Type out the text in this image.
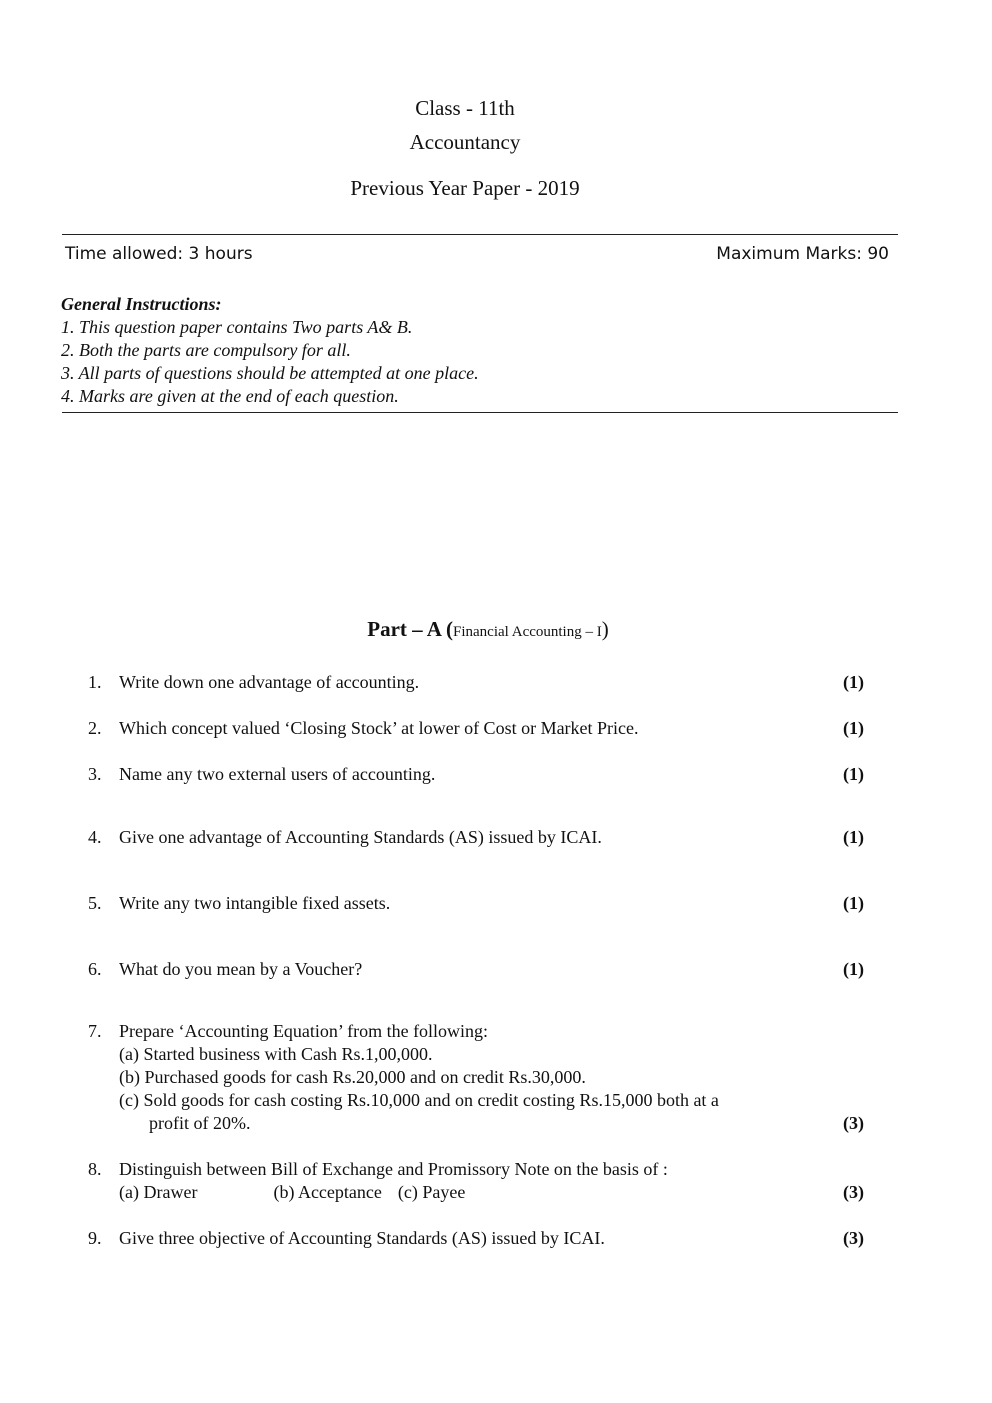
Class - 11th
Accountancy
Previous Year Paper - 2019
Time allowed: 3 hours	Maximum Marks: 90
General Instructions:
1. This question paper contains Two parts A& B.
2. Both the parts are compulsory for all.
3. All parts of questions should be attempted at one place.
4. Marks are given at the end of each question.
Part – A (Financial Accounting – I)
1. Write down one advantage of accounting.	(1)
2. Which concept valued ‘Closing Stock’ at lower of Cost or Market Price.	(1)
3. Name any two external users of accounting.	(1)
4. Give one advantage of Accounting Standards (AS) issued by ICAI.	(1)
5. Write any two intangible fixed assets.	(1)
6. What do you mean by a Voucher?	(1)
7. Prepare ‘Accounting Equation’ from the following:
(a) Started business with Cash Rs.1,00,000.
(b) Purchased goods for cash Rs.20,000 and on credit Rs.30,000.
(c) Sold goods for cash costing Rs.10,000 and on credit costing Rs.15,000 both at a
profit of 20%.	(3)
8. Distinguish between Bill of Exchange and Promissory Note on the basis of :
(a) Drawer	(b) Acceptance (c) Payee	(3)
9. Give three objective of Accounting Standards (AS) issued by ICAI.	(3)
